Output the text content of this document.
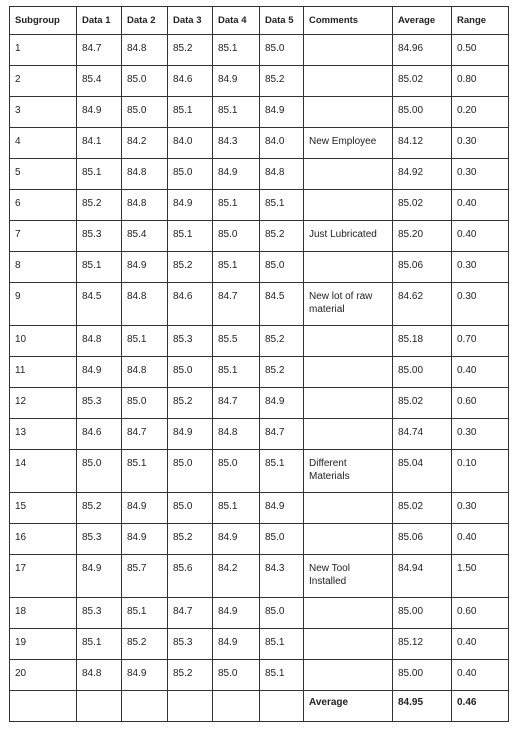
Subgroup	Data 1	Data 2	Data 3	Data 4	Data 5	Comments	Average	Range
1	84.7	84.8	85.2	85.1	85.0		84.96	0.50
2	85.4	85.0	84.6	84.9	85.2		85.02	0.80
3	84.9	85.0	85.1	85.1	84.9		85.00	0.20
4	84.1	84.2	84.0	84.3	84.0	New Employee	84.12	0.30
5	85.1	84.8	85.0	84.9	84.8		84.92	0.30
6	85.2	84.8	84.9	85.1	85.1		85.02	0.40
7	85.3	85.4	85.1	85.0	85.2	Just Lubricated	85.20	0.40
8	85.1	84.9	85.2	85.1	85.0		85.06	0.30
9	84.5	84.8	84.6	84.7	84.5	New lot of raw material	84.62	0.30
10	84.8	85.1	85.3	85.5	85.2		85.18	0.70
11	84.9	84.8	85.0	85.1	85.2		85.00	0.40
12	85.3	85.0	85.2	84.7	84.9		85.02	0.60
13	84.6	84.7	84.9	84.8	84.7		84.74	0.30
14	85.0	85.1	85.0	85.0	85.1	Different Materials	85.04	0.10
15	85.2	84.9	85.0	85.1	84.9		85.02	0.30
16	85.3	84.9	85.2	84.9	85.0		85.06	0.40
17	84.9	85.7	85.6	84.2	84.3	New Tool Installed	84.94	1.50
18	85.3	85.1	84.7	84.9	85.0		85.00	0.60
19	85.1	85.2	85.3	84.9	85.1		85.12	0.40
20	84.8	84.9	85.2	85.0	85.1		85.00	0.40
						Average	84.95	0.46
